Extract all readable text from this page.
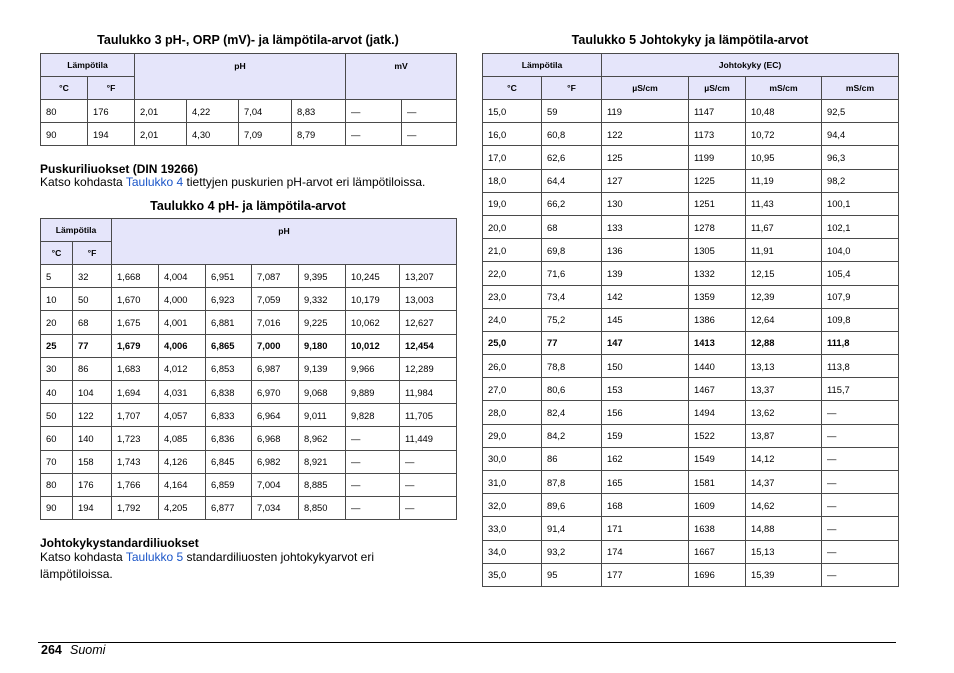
Taulukko 3 pH-, ORP (mV)- ja lämpötila-arvot (jatk.)
Lämpötila		pH				mV	
°C	°F						
80	176	2,01	4,22	7,04	8,83	—	—
90	194	2,01	4,30	7,09	8,79	—	—
Puskuriliuokset (DIN 19266)
Katso kohdasta Taulukko 4 tiettyjen puskurien pH-arvot eri lämpötiloissa.
Taulukko 4 pH- ja lämpötila-arvot
Lämpötila		pH						
°C	°F							
5	32	1,668	4,004	6,951	7,087	9,395	10,245	13,207
10	50	1,670	4,000	6,923	7,059	9,332	10,179	13,003
20	68	1,675	4,001	6,881	7,016	9,225	10,062	12,627
25	77	1,679	4,006	6,865	7,000	9,180	10,012	12,454
30	86	1,683	4,012	6,853	6,987	9,139	9,966	12,289
40	104	1,694	4,031	6,838	6,970	9,068	9,889	11,984
50	122	1,707	4,057	6,833	6,964	9,011	9,828	11,705
60	140	1,723	4,085	6,836	6,968	8,962	—	11,449
70	158	1,743	4,126	6,845	6,982	8,921	—	—
80	176	1,766	4,164	6,859	7,004	8,885	—	—
90	194	1,792	4,205	6,877	7,034	8,850	—	—
Johtokykystandardiliuokset
Katso kohdasta Taulukko 5 standardiliuosten johtokykyarvot eri
lämpötiloissa.
Taulukko 5 Johtokyky ja lämpötila-arvot
Lämpötila		Johtokyky (EC)			
°C	°F	µS/cm	µS/cm	mS/cm	mS/cm
15,0	59	119	1147	10,48	92,5
16,0	60,8	122	1173	10,72	94,4
17,0	62,6	125	1199	10,95	96,3
18,0	64,4	127	1225	11,19	98,2
19,0	66,2	130	1251	11,43	100,1
20,0	68	133	1278	11,67	102,1
21,0	69,8	136	1305	11,91	104,0
22,0	71,6	139	1332	12,15	105,4
23,0	73,4	142	1359	12,39	107,9
24,0	75,2	145	1386	12,64	109,8
25,0	77	147	1413	12,88	111,8
26,0	78,8	150	1440	13,13	113,8
27,0	80,6	153	1467	13,37	115,7
28,0	82,4	156	1494	13,62	—
29,0	84,2	159	1522	13,87	—
30,0	86	162	1549	14,12	—
31,0	87,8	165	1581	14,37	—
32,0	89,6	168	1609	14,62	—
33,0	91,4	171	1638	14,88	—
34,0	93,2	174	1667	15,13	—
35,0	95	177	1696	15,39	—
264 Suomi
